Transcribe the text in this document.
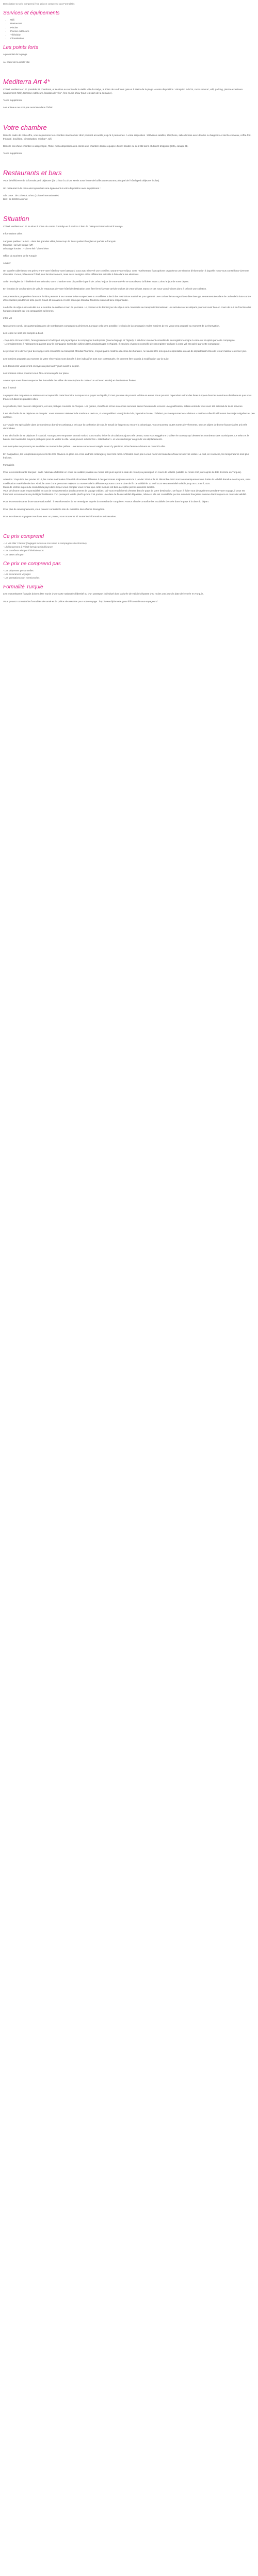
Description Ce prix comprend / Ce prix ne comprend pas Formalités
Services et équipements
• Wifi
• Restaurant
• Piscine
• Piscine extérieure
• Télévision
• Climatisation
Les points forts

A proximité de la plage

Au coeur de la vieille ville

Mediterra Art 4*

L'hôtel Mediterra Art 4* possède 33 chambres, et se situe au centre de la vieille ville d'Antalya, à 300m de Hadrian's gate et à 500m de la plage. A votre disposition : réception 24h/24, room service*, wifi, parking, piscine extérieure (uniquement l'été), terrasse extérieure, location de vélo*, free music show (tous les soirs de la semaine).

*Avec supplément

Les animaux ne sont pas autorisés dans l'hôtel.

Votre chambre

Dans le cadre de cette offre, vous séjournerez en chambre standard de 18m² pouvant accueillir jusqu'à 2 personnes. A votre disposition : télévision satellite, téléphone, salle de bain avec douche ou baignoire et sèche-cheveux, coffre-fort, thé/café, bouilloire, climatisation, minibar*, wifi.

Dans le cas d'une chambre à usage triple, l'hôtel met à disposition des clients une chambre double équipée d'un lit double ou de 2 lits twins et d'un lit d'appoint (sofa, canapé lit).

*Avec supplément

Restaurants et bars

Vous bénéficierez de la formule petit déjeuner (de 07h30 à 10h30, servis sous forme de buffet au restaurant principal de l'hôtel (petit déjeuner inclus).

Un restaurant à la carte ainsi qu'un bar sera également à votre disposition avec supplément :

A la carte : de 10h00 à 23h00 (cuisine internationale)
Bar : de 10h00 à minuit

Situation

L'hôtel Mediterra Art 4* se situe à 100m du centre d'Antalya et à environ 13km de l'aéroport international d'Antalya.

Informations utiles

Langues parlées : le turc - dans les grandes villes, beaucoup de Turcs parlent l'anglais et parfois le français
Monnaie : la livre turque (LT)
Décalage horaire : + 1h en été / 2h en hiver

Office du tourisme de la Turquie

A noter

Un transfert aller/retour est prévu entre votre hôtel ou votre bateau si vous avez réservé une croisière. Durant votre séjour, votre représentant francophone organisera une réunion d'information à laquelle nous vous conseillons vivement d'assister. Il vous présentera l'hôtel, son fonctionnement, mais aussi la région et les différentes activités à faire dans les alentours.

Selon les règles de l'hôtellerie internationale, votre chambre sera disponible à partir de 14h00 le jour de votre arrivée et vous devrez la libérer avant 12h00 le jour de votre départ.

En fonction de vos horaires de vols, le restaurant de votre hôtel de destination peut être fermé à votre arrivée ou lors de votre départ. Dans ce cas nous vous invitons donc à prévoir une collation.

Les prestations proposées dans nos forfaits peuvent à tout moment être suspendues ou modifiées suite à des restrictions sanitaires pour garantir une conformité au regard des directives gouvernementales dans le cadre de la lutte contre d'éventuelles pandémies telle que la Covid-19 ou autres et celle sans que Mondial Tourisme n'en soit tenu responsable.

La durée du séjour est calculée sur le nombre de nuitées et non de journées. Le premier et le dernier jour du séjour sont consacrés au transport international. Les arrivées ou les départs pourront avoir lieu en cours de nuit en fonction des horaires imposés par les compagnies aériennes.

Infos vol

Nous avons conclu des partenariats avec de nombreuses compagnies aériennes. Lorsque cela sera possible, le choix de la compagnie et des horaires de vol vous sera proposé au moment de la réservation.

Les repas ne sont pas compris à bord.

- Depuis le 26 Mars 2023, l'enregistrement à l'aéroport est payant pour la compagnie SunExpress (Sauna bagage et 7kg/art). Il est donc vivement conseillé de s'enregistrer en ligne à votre vol et opéré par cette compagnie.
- L'enregistrement à l'aéroport est payant pour la compagnie Corendon airlines (10euros/passager et 7kg/art). Il est donc vivement conseillé de s'enregistrer en ligne à votre vol est opéré par cette compagnie.

Le premier et le dernier jour du voyage sont consacrés au transport. Mondial Tourisme, n'ayant pas la maîtrise du choix des horaires, ne saurait être tenu pour responsable en cas de départ tardif et/ou de retour matinal le dernier jour.

Les horaires proposés au moment de votre réservation sont donnés à titre indicatif et sont non contractuels. Ils peuvent être soumis à modification par la suite.

Les documents vous seront envoyés au plus tard 7 jours avant le départ.

Les horaires retour pourront vous être communiqués sur place.

A noter que vous devez respecter les formalités des villes de transit (dans le cadre d'un vol avec escale) et destinations finales

Bon à savoir

La plupart des magasins ou restaurants acceptent la carte bancaire. Lorsque vous payez en liquide, il n'est pas rare de pouvoir le faire en euros. Vous pourrez cependant retirer des livres turques dans les nombreux distributeurs que vous trouverez dans les grandes villes.

Le pourboire, bien que non obligatoire, est une pratique courante en Turquie. Les guides, chauffeurs et bus ou encore serveurs seront heureux de recevoir une gratification, si bien entendu vous avez été satisfait de leurs services.

Il est très facile de se déplacer en Turquie : vous trouverez aisément de nombreux taxis ou, si vous préférez vous joindre à la population locale, n'hésitez pas à emprunter les « dolmus » minibus collectifs sillonnant des trajets réguliers et peu onéreux.

La Turquie est spécialisée dans de nombreux domaines artisanaux tels que la confection de cuir, le travail de l'argent ou encore la céramique. Vous trouverez toutes sortes de vêtements, sacs et objets de bonne facture à des prix très abordables.

Il est très facile de se déplacer à Istanbul. Vous pouvez emprunter un taxi mais si vous voulez éviter la circulation toujours très dense, nous vous suggérons d'utiliser le tramway qui dessert les nombreux sites touristiques. Le métro et le bateau sont aussi des moyens pratiques pour de visiter la ville. Vous pouvez acheter les « Istanbulkart » et vous recharger au gré de vos déplacements.

Les mosquées ne peuvent pas se visiter au moment des prières. Une tenue correcte est exigée avant d'y pénétrer, et les femmes doivent se couvrir la tête.

En Cappadoce, les températures peuvent être très élevées en plein été et les endroits ombragés y sont très rares. N'hésitez donc pas à vous munir de bouteilles d'eau lors de vos visites. La nuit, en revanche, les températures sont plus fraîches.

Formalités

Pour les ressortissants français : carte nationale d'identité en cours de validité (valable au moins 180 jours après la date de retour) ou passeport en cours de validité (valable au moins 150 jours après la date d'entrée en Turquie).

Attention : Depuis le 1er janvier 2014, les cartes nationales d'identité sécurisées délivrées à des personnes majeures entre le 2 janvier 2004 et le 31 décembre 2013 sont automatiquement une durée de validité étendue de cinq ans, sans modification matérielle de titre. Ainsi, la carte d'une personne majeure ou moment de la délivrance portant comme date de fin de validité le 13 avril 2020 sera en réalité valable jusqu'au 13 avril 2025.
Merci de vérifier auprès du consulat du pays dans lequel vous compter vous rendre que cette mesure est bien acceptée par les autorités locales.
Vous déclinons toute responsabilité en cas de non possession du documents de voyage valides, qui vous empêcherait d'entrer dans le pays de votre destination. De façon à éviter tout désagrément pendant votre voyage, il vous est fortement recommandé de privilégier l'utilisation d'un passeport valide plutôt qu'une CNI portant une date de fin de validité dépassée, même si elle est considérée par les autorités françaises comme étant toujours en cours de validité.

Pour les ressortissants d'une autre nationalité : il est nécessaire de se renseigner auprès du consulat de Turquie en France afin de connaître les modalités d'entrée dans le pays à la date du départ.

Pour plus de renseignements, vous pouvez consulter le site du ministère des Affaires étrangères.

Pour les mineurs voyageant seuls ou avec un parent, vous trouverez ici toutes les informations nécessaires.

Ce prix comprend
- Le Vol Aller / Retour (bagages inclus ou non selon la compagnie sélectionnée)
- L'hébergement à l'hôtel formule petit déjeuner
- Les transferts aéroport/hôtel/aéroport
- Les taxes aéroport
Ce prix ne comprend pas
- Les dépenses personnelles
- Les assurances voyages
- Les prestations non mentionnées
Formalité Turquie

Les ressortissants français doivent être munis d'une carte nationale d'identité ou d'un passeport individuel dont la durée de validité dépasse d'au moins 150 jours la date de l'entrée en Turquie.

Vous pouvez consulter les formalités de santé et de police nécessaires pour votre voyage : http://www.diplomatie.gouv.fr/fr/conseils-aux-voyageurs/
